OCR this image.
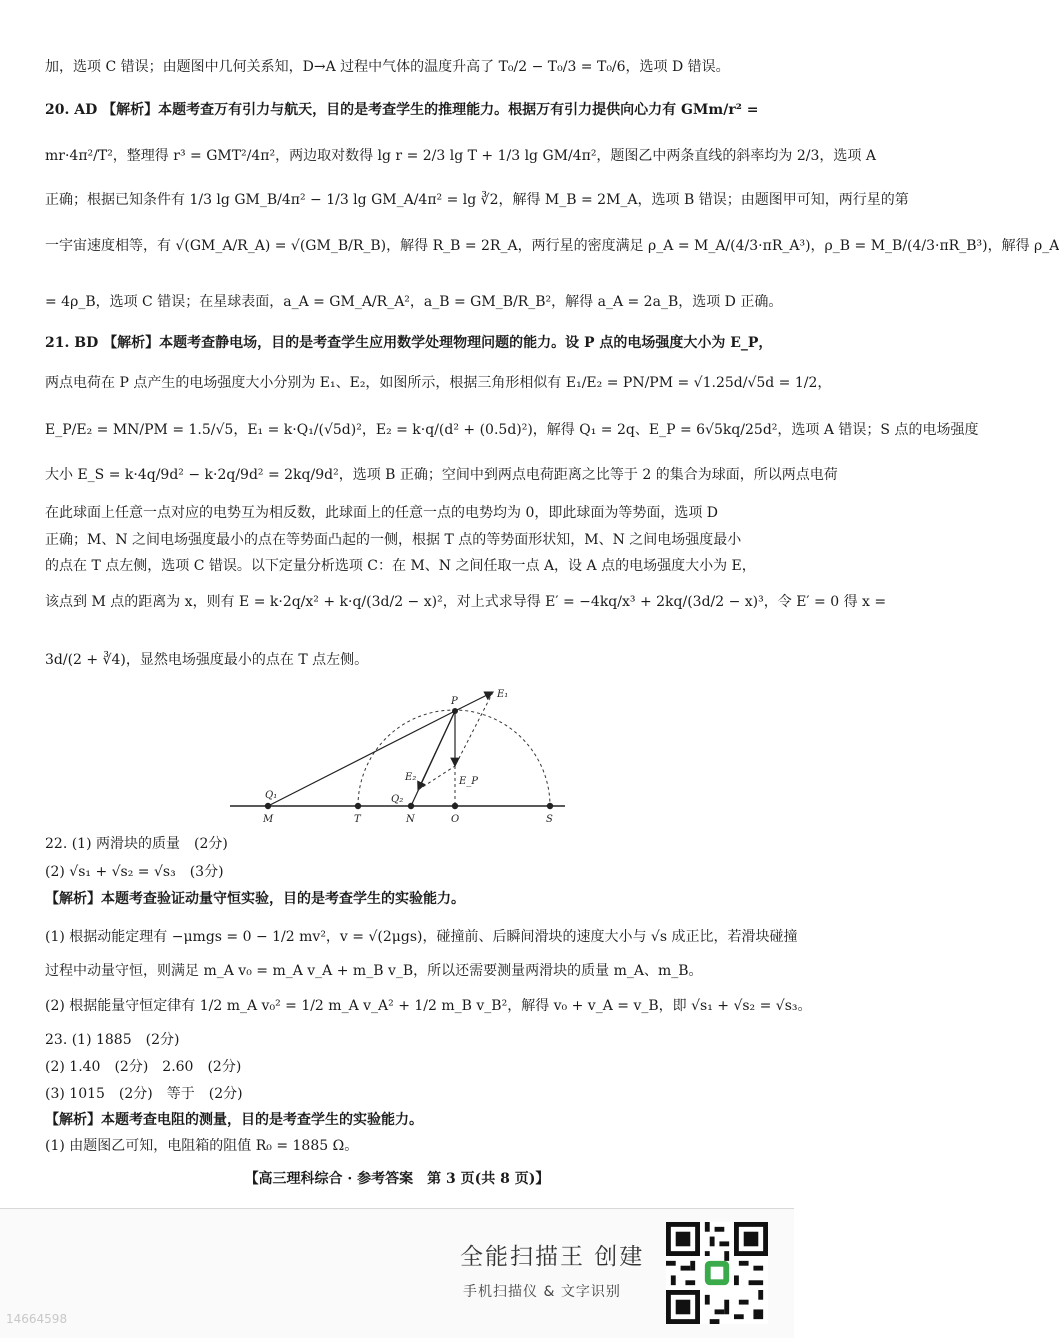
加，选项 C 错误；由题图中几何关系知，D→A 过程中气体的温度升高了 T₀/2 − T₀/3 = T₀/6，选项 D 错误。
20. AD 【解析】本题考查万有引力与航天，目的是考查学生的推理能力。根据万有引力提供向心力有 GMm/r² =
mr·4π²/T²，整理得 r³ = GMT²/4π²，两边取对数得 lg r = 2/3 lg T + 1/3 lg GM/4π²，题图乙中两条直线的斜率均为 2/3，选项 A
正确；根据已知条件有 1/3 lg GM_B/4π² − 1/3 lg GM_A/4π² = lg ∛2，解得 M_B = 2M_A，选项 B 错误；由题图甲可知，两行星的第
一宇宙速度相等，有 √(GM_A/R_A) = √(GM_B/R_B)，解得 R_B = 2R_A，两行星的密度满足 ρ_A = M_A/(4/3·πR_A³)，ρ_B = M_B/(4/3·πR_B³)，解得 ρ_A
= 4ρ_B，选项 C 错误；在星球表面，a_A = GM_A/R_A²，a_B = GM_B/R_B²，解得 a_A = 2a_B，选项 D 正确。
21. BD 【解析】本题考查静电场，目的是考查学生应用数学处理物理问题的能力。设 P 点的电场强度大小为 E_P，
两点电荷在 P 点产生的电场强度大小分别为 E₁、E₂，如图所示，根据三角形相似有 E₁/E₂ = PN/PM = √1.25d/√5d = 1/2，
E_P/E₂ = MN/PM = 1.5/√5，E₁ = k·Q₁/(√5d)²，E₂ = k·q/(d² + (0.5d)²)，解得 Q₁ = 2q、E_P = 6√5kq/25d²，选项 A 错误；S 点的电场强度
大小 E_S = k·4q/9d² − k·2q/9d² = 2kq/9d²，选项 B 正确；空间中到两点电荷距离之比等于 2 的集合为球面，所以两点电荷
在此球面上任意一点对应的电势互为相反数，此球面上的任意一点的电势均为 0，即此球面为等势面，选项 D
正确；M、N 之间电场强度最小的点在等势面凸起的一侧，根据 T 点的等势面形状知，M、N 之间电场强度最小
的点在 T 点左侧，选项 C 错误。以下定量分析选项 C：在 M、N 之间任取一点 A，设 A 点的电场强度大小为 E，
该点到 M 点的距离为 x，则有 E = k·2q/x² + k·q/(3d/2 − x)²，对上式求导得 E′ = −4kq/x³ + 2kq/(3d/2 − x)³，令 E′ = 0 得 x =
3d/(2 + ∛4)，显然电场强度最小的点在 T 点左侧。
P
E₁
E₂	E_P
Q₁	Q₂
M	T	N	O	S
22. (1) 两滑块的质量　(2分)
(2) √s₁ + √s₂ = √s₃　(3分)
【解析】本题考查验证动量守恒实验，目的是考查学生的实验能力。
(1) 根据动能定理有 −μmgs = 0 − 1/2 mv²，v = √(2μgs)，碰撞前、后瞬间滑块的速度大小与 √s 成正比，若滑块碰撞
过程中动量守恒，则满足 m_A v₀ = m_A v_A + m_B v_B，所以还需要测量两滑块的质量 m_A、m_B。
(2) 根据能量守恒定律有 1/2 m_A v₀² = 1/2 m_A v_A² + 1/2 m_B v_B²，解得 v₀ + v_A = v_B，即 √s₁ + √s₂ = √s₃。
23. (1) 1885　(2分)
(2) 1.40　(2分)　2.60　(2分)
(3) 1015　(2分)　等于　(2分)
【解析】本题考查电阻的测量，目的是考查学生的实验能力。
(1) 由题图乙可知，电阻箱的阻值 R₀ = 1885 Ω。
【高三理科综合 · 参考答案　第 3 页(共 8 页)】
全能扫描王 创建
手机扫描仪 & 文字识别
14664598
